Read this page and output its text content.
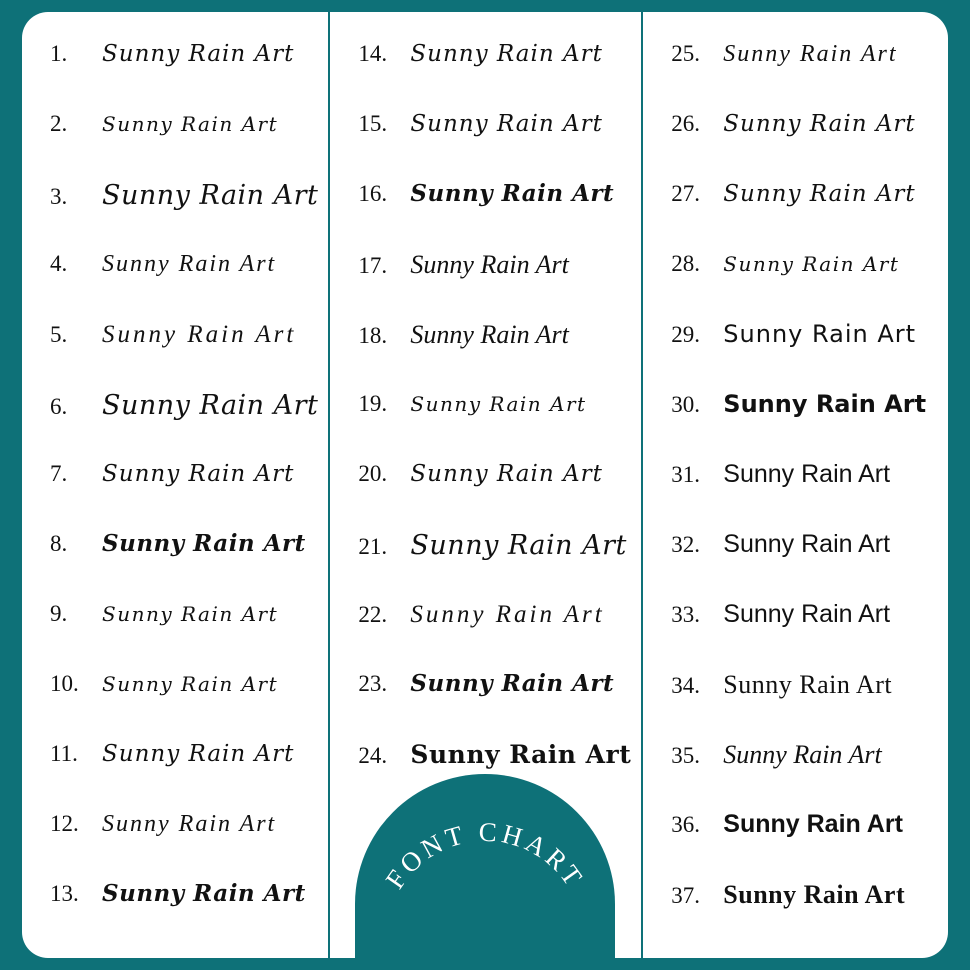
1.	Sunny Rain Art
2.	Sunny Rain Art
3.	Sunny Rain Art
4.	Sunny Rain Art
5.	Sunny Rain Art
6.	Sunny Rain Art
7.	Sunny Rain Art
8.	Sunny Rain Art
9.	Sunny Rain Art
10.	Sunny Rain Art
11.	Sunny Rain Art
12. Sunny Rain Art
13.	Sunny Rain Art
14.	Sunny Rain Art
15.	Sunny Rain Art
16.	Sunny Rain Art
17. Sunny Rain Art
18. Sunny Rain Art
19.	Sunny Rain Art
20.	Sunny Rain Art
21. Sunny Rain Art
22. Sunny Rain Art
23.	Sunny Rain Art
24. Sunny Rain Art
25. Sunny Rain Art
26.	Sunny Rain Art
27.	Sunny Rain Art
28.	Sunny Rain Art
29. Sunny Rain Art
30. Sunny Rain Art
31. Sunny Rain Art
32. Sunny Rain Art
33. Sunny Rain Art
34. Sunny Rain Art
35. Sunny Rain Art
36. Sunny Rain Art
37. Sunny Rain Art
FONT CHART
